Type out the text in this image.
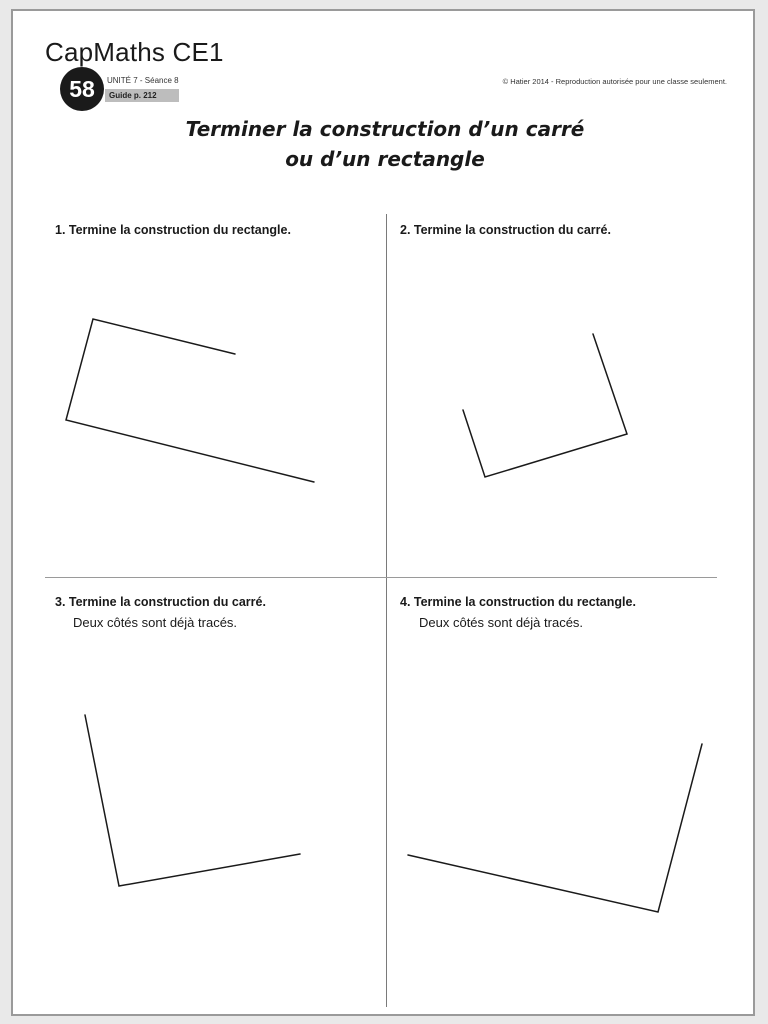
CapMaths CE1
58	UNITÉ 7 - Séance 8
Guide p. 212
© Hatier 2014 - Reproduction autorisée pour une classe seulement.
Terminer la construction d’un carré
ou d’un rectangle
1. Termine la construction du rectangle.	2. Termine la construction du carré.
3. Termine la construction du carré.
Deux côtés sont déjà tracés.
4. Termine la construction du rectangle.
Deux côtés sont déjà tracés.
